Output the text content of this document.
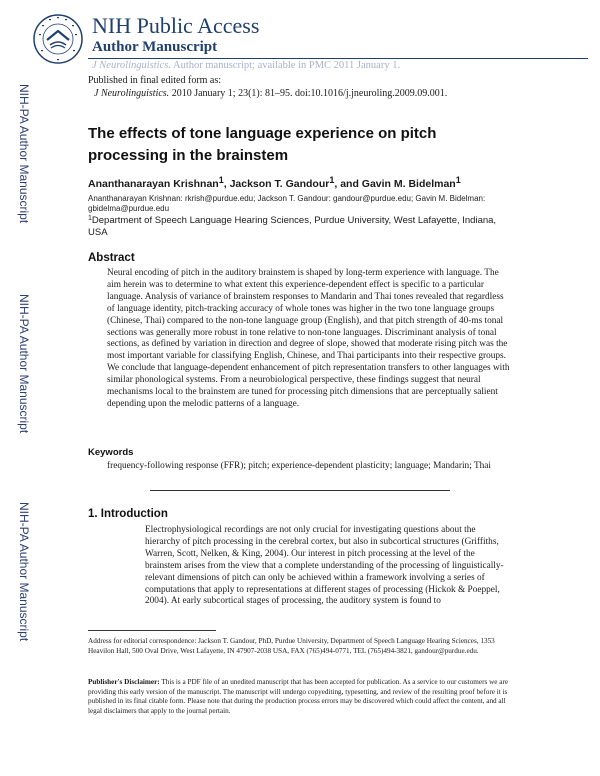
NIH Public Access
Author Manuscript
J Neurolinguistics. Author manuscript; available in PMC 2011 January 1.
Published in final edited form as:
J Neurolinguistics. 2010 January 1; 23(1): 81–95. doi:10.1016/j.jneuroling.2009.09.001.
NIH-PA Author Manuscript
NIH-PA Author Manuscript
NIH-PA Author Manuscript
The effects of tone language experience on pitch processing in the brainstem
Ananthanarayan Krishnan$^1$, Jackson T. Gandour$^1$, and Gavin M. Bidelman$^1$
Ananthanarayan Krishnan: rkrish@purdue.edu; Jackson T. Gandour: gandour@purdue.edu; Gavin M. Bidelman: gbidelma@purdue.edu
$^1$Department of Speech Language Hearing Sciences, Purdue University, West Lafayette, Indiana, USA
Abstract
Neural encoding of pitch in the auditory brainstem is shaped by long-term experience with language. The aim herein was to determine to what extent this experience-dependent effect is specific to a particular language. Analysis of variance of brainstem responses to Mandarin and Thai tones revealed that regardless of language identity, pitch-tracking accuracy of whole tones was higher in the two tone language groups (Chinese, Thai) compared to the non-tone language group (English), and that pitch strength of 40-ms tonal sections was generally more robust in tone relative to non-tone languages. Discriminant analysis of tonal sections, as defined by variation in direction and degree of slope, showed that moderate rising pitch was the most important variable for classifying English, Chinese, and Thai participants into their respective groups. We conclude that language-dependent enhancement of pitch representation transfers to other languages with similar phonological systems. From a neurobiological perspective, these findings suggest that neural mechanisms local to the brainstem are tuned for processing pitch dimensions that are perceptually salient depending upon the melodic patterns of a language.
Keywords
frequency-following response (FFR); pitch; experience-dependent plasticity; language; Mandarin; Thai
1. Introduction
Electrophysiological recordings are not only crucial for investigating questions about the hierarchy of pitch processing in the cerebral cortex, but also in subcortical structures (Griffiths, Warren, Scott, Nelken, & King, 2004). Our interest in pitch processing at the level of the brainstem arises from the view that a complete understanding of the processing of linguistically-relevant dimensions of pitch can only be achieved within a framework involving a series of computations that apply to representations at different stages of processing (Hickok & Poeppel, 2004). At early subcortical stages of processing, the auditory system is found to
Address for editorial correspondence: Jackson T. Gandour, PhD, Purdue University, Department of Speech Language Hearing Sciences, 1353 Heavilon Hall, 500 Oval Drive, West Lafayette, IN 47907-2038 USA, FAX (765)494-0771, TEL (765)494-3821, gandour@purdue.edu.
Publisher's Disclaimer: This is a PDF file of an unedited manuscript that has been accepted for publication. As a service to our customers we are providing this early version of the manuscript. The manuscript will undergo copyediting, typesetting, and review of the resulting proof before it is published in its final citable form. Please note that during the production process errors may be discovered which could affect the content, and all legal disclaimers that apply to the journal pertain.
